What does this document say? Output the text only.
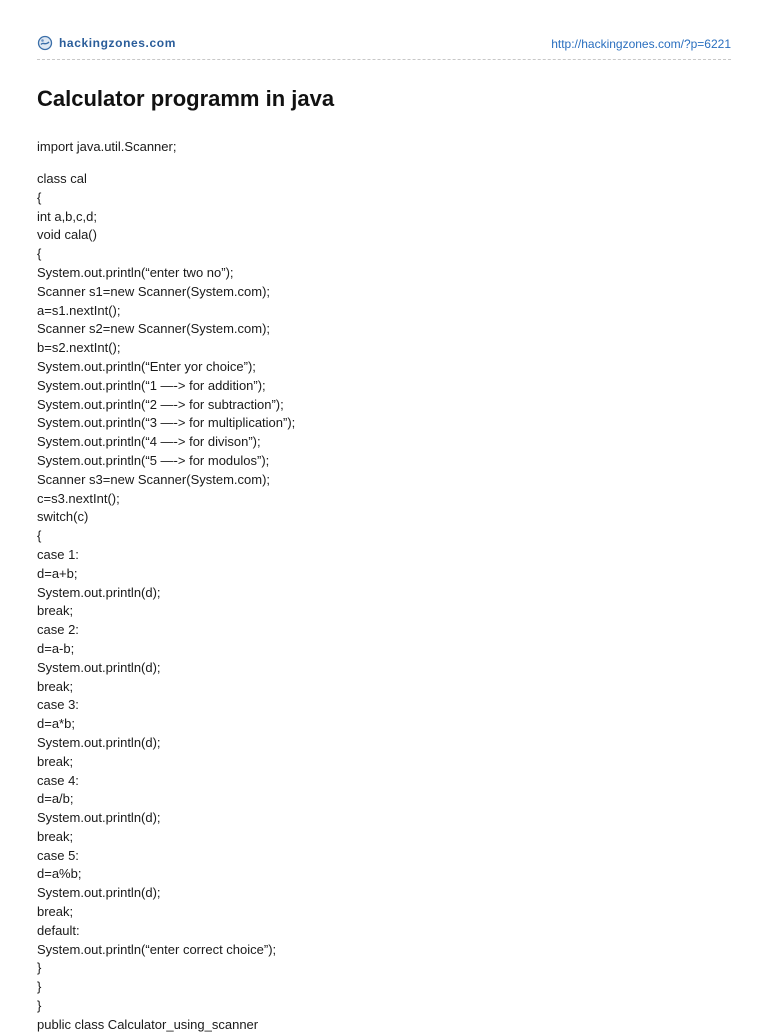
hackingzones.com	http://hackingzones.com/?p=6221
Calculator programm in java

import java.util.Scanner;

class cal
{
int a,b,c,d;
void cala()
{
System.out.println(“enter two no”);
Scanner s1=new Scanner(System.com);
a=s1.nextInt();
Scanner s2=new Scanner(System.com);
b=s2.nextInt();
System.out.println(“Enter yor choice”);
System.out.println(“1 —-> for addition”);
System.out.println(“2 —-> for subtraction”);
System.out.println(“3 —-> for multiplication”);
System.out.println(“4 —-> for divison”);
System.out.println(“5 —-> for modulos”);
Scanner s3=new Scanner(System.com);
c=s3.nextInt();
switch(c)
{
case 1:
d=a+b;
System.out.println(d);
break;
case 2:
d=a-b;
System.out.println(d);
break;
case 3:
d=a*b;
System.out.println(d);
break;
case 4:
d=a/b;
System.out.println(d);
break;
case 5:
d=a%b;
System.out.println(d);
break;
default:
System.out.println(“enter correct choice”);
}
}
}
public class Calculator_using_scanner
